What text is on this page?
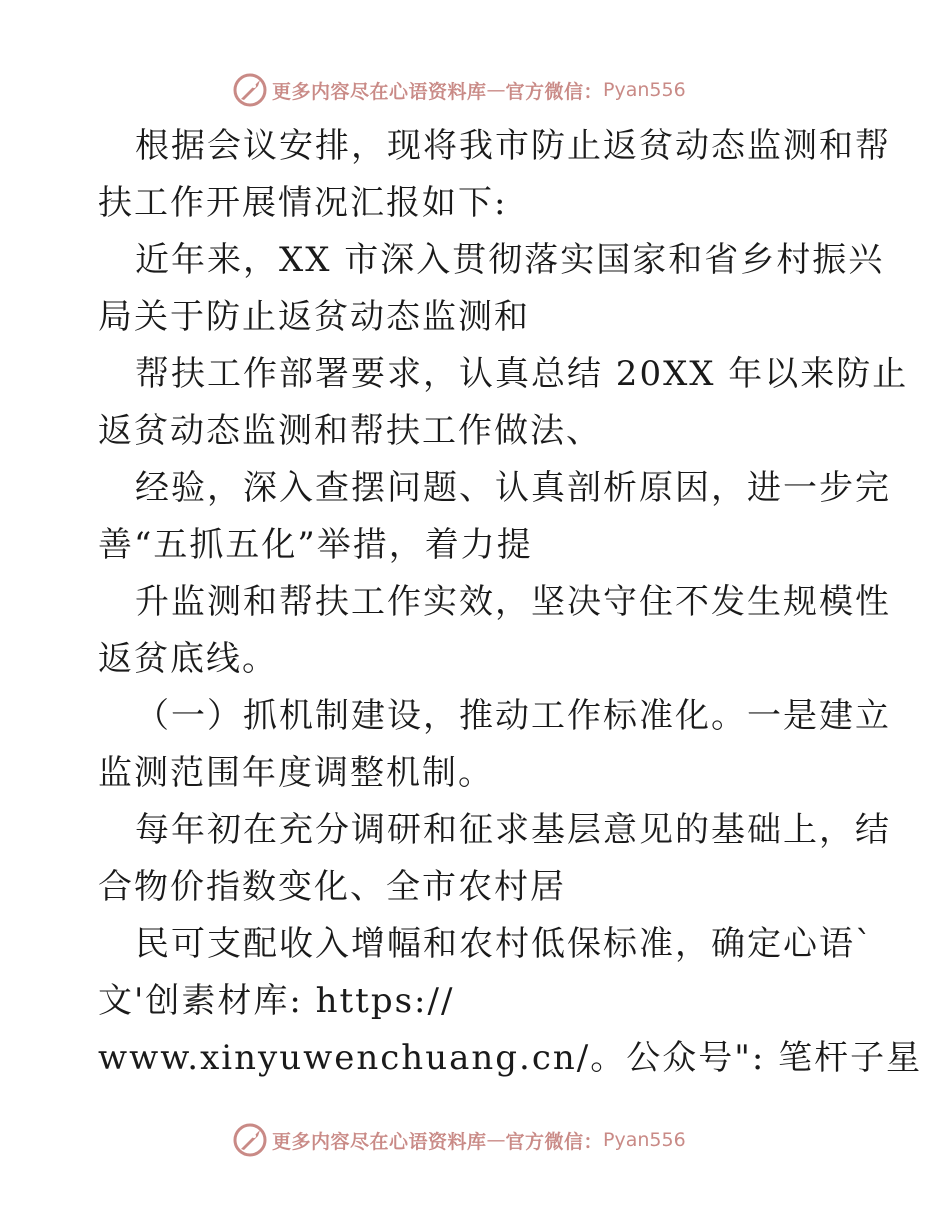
更多内容尽在心语资料库 — 官方微信： Pyan556
根据会议安排，现将我市防止返贫动态监测和帮
扶工作开展情况汇报如下:
近年来，XX 市深入贯彻落实国家和省乡村振兴
局关于防止返贫动态监测和
帮扶工作部署要求，认真总结 20XX 年以来防止
返贫动态监测和帮扶工作做法、
经验，深入查摆问题、认真剖析原因，进一步完
善“五抓五化”举措，着力提
升监测和帮扶工作实效，坚决守住不发生规模性
返贫底线。
（一）抓机制建设，推动工作标准化。一是建立
监测范围年度调整机制。
每年初在充分调研和征求基层意见的基础上，结
合物价指数变化、全市农村居
民可支配收入增幅和农村低保标准，确定心语`
文'创素材库: https://
www.xinyuwenchuang.cn/。公众号": 笔杆子星
更多内容尽在心语资料库 — 官方微信： Pyan556
